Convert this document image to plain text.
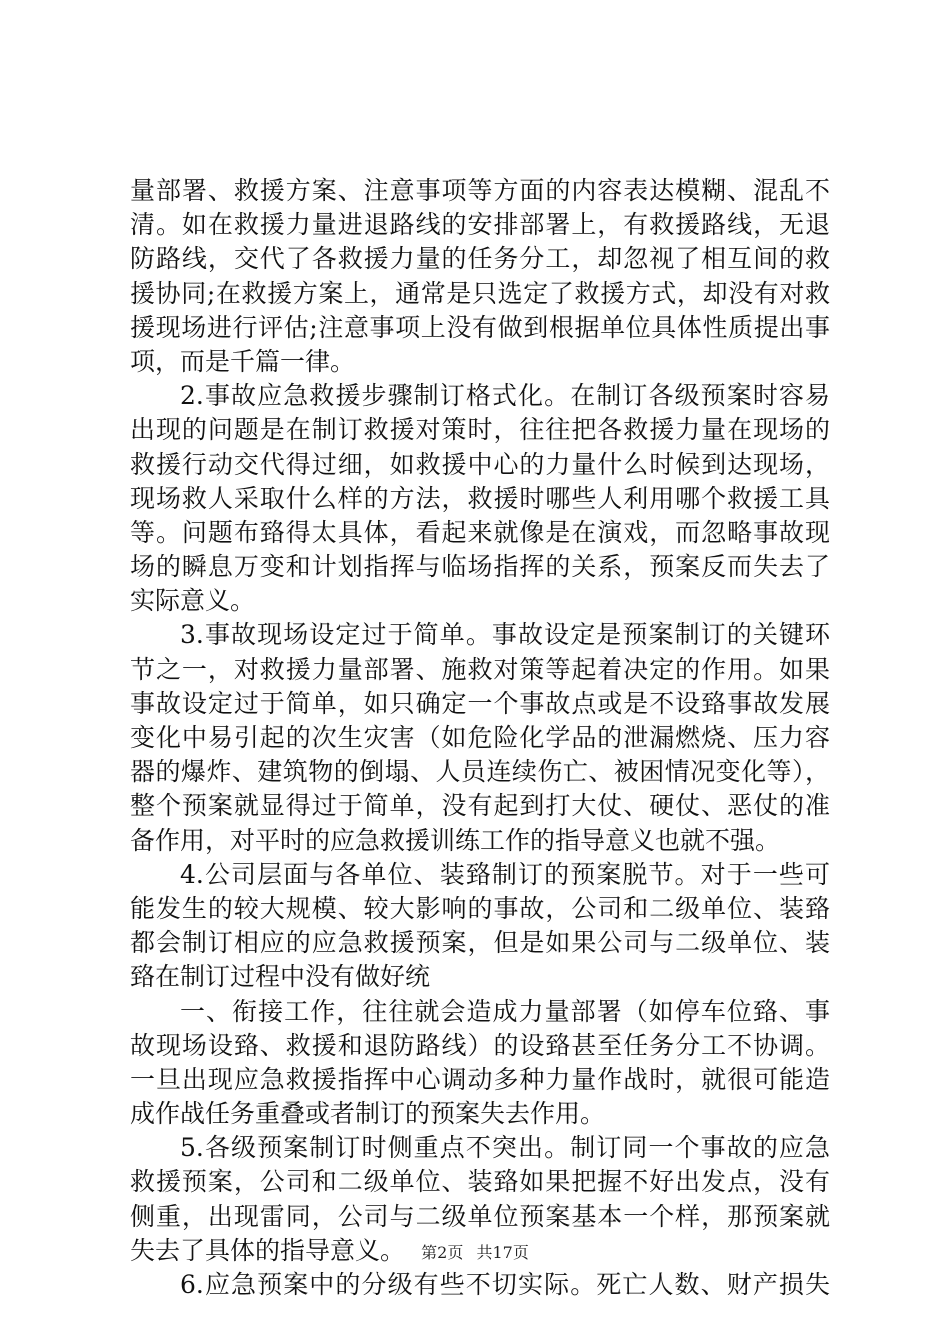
量部署、救援方案、注意事项等方面的内容表达模糊、混乱不
清。如在救援力量进退路线的安排部署上，有救援路线，无退
防路线，交代了各救援力量的任务分工，却忽视了相互间的救
援协同;在救援方案上，通常是只选定了救援方式，却没有对救
援现场进行评估;注意事项上没有做到根据单位具体性质提出事
项，而是千篇一律。
2.事故应急救援步骤制订格式化。在制订各级预案时容易
出现的问题是在制订救援对策时，往往把各救援力量在现场的
救援行动交代得过细，如救援中心的力量什么时候到达现场，
现场救人采取什么样的方法，救援时哪些人利用哪个救援工具
等。问题布臵得太具体，看起来就像是在演戏，而忽略事故现
场的瞬息万变和计划指挥与临场指挥的关系，预案反而失去了
实际意义。
3.事故现场设定过于简单。事故设定是预案制订的关键环
节之一，对救援力量部署、施救对策等起着决定的作用。如果
事故设定过于简单，如只确定一个事故点或是不设臵事故发展
变化中易引起的次生灾害（如危险化学品的泄漏燃烧、压力容
器的爆炸、建筑物的倒塌、人员连续伤亡、被困情况变化等），
整个预案就显得过于简单，没有起到打大仗、硬仗、恶仗的准
备作用，对平时的应急救援训练工作的指导意义也就不强。
4.公司层面与各单位、装臵制订的预案脱节。对于一些可
能发生的较大规模、较大影响的事故，公司和二级单位、装臵
都会制订相应的应急救援预案，但是如果公司与二级单位、装
臵在制订过程中没有做好统
一、衔接工作，往往就会造成力量部署（如停车位臵、事
故现场设臵、救援和退防路线）的设臵甚至任务分工不协调。
一旦出现应急救援指挥中心调动多种力量作战时，就很可能造
成作战任务重叠或者制订的预案失去作用。
5.各级预案制订时侧重点不突出。制订同一个事故的应急
救援预案，公司和二级单位、装臵如果把握不好出发点，没有
侧重，出现雷同，公司与二级单位预案基本一个样，那预案就
失去了具体的指导意义。
6.应急预案中的分级有些不切实际。死亡人数、财产损失
第2页 共17页
